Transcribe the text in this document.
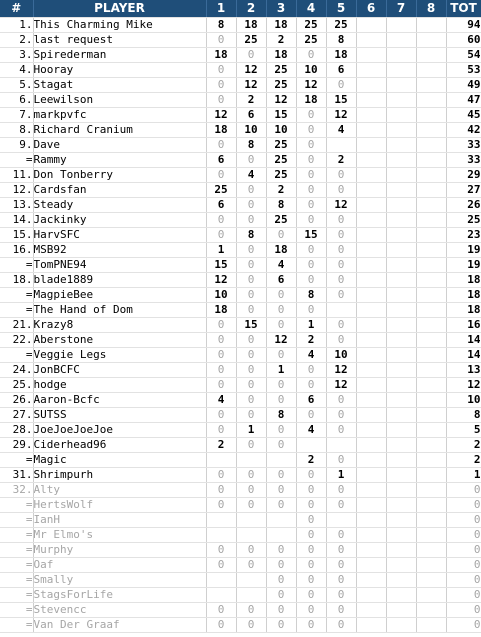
#	PLAYER	1	2	3	4	5	6	7	8	TOT
1.	This Charming Mike	8	18	18	25	25				94
2.	last request	0	25	2	25	8				60
3.	Spirederman	18	0	18	0	18				54
4.	Hooray	0	12	25	10	6				53
5.	Stagat	0	12	25	12	0				49
6.	Leewilson	0	2	12	18	15				47
7.	markpvfc	12	6	15	0	12				45
8.	Richard Cranium	18	10	10	0	4				42
9.	Dave	0	8	25	0					33
=	Rammy	6	0	25	0	2				33
11.	Don Tonberry	0	4	25	0	0				29
12.	Cardsfan	25	0	2	0	0				27
13.	Steady	6	0	8	0	12				26
14.	Jackinky	0	0	25	0	0				25
15.	HarvSFC	0	8	0	15	0				23
16.	MSB92	1	0	18	0	0				19
=	TomPNE94	15	0	4	0	0				19
18.	blade1889	12	0	6	0	0				18
=	MagpieBee	10	0	0	8	0				18
=	The Hand of Dom	18	0	0	0					18
21.	Krazy8	0	15	0	1	0				16
22.	Aberstone	0	0	12	2	0				14
=	Veggie Legs	0	0	0	4	10				14
24.	JonBCFC	0	0	1	0	12				13
25.	hodge	0	0	0	0	12				12
26.	Aaron-Bcfc	4	0	0	6	0				10
27.	SUTSS	0	0	8	0	0				8
28.	JoeJoeJoeJoe	0	1	0	4	0				5
29.	Ciderhead96	2	0	0						2
=	Magic				2	0				2
31.	Shrimpurh	0	0	0	0	1				1
32.	Alty	0	0	0	0	0				0
=	HertsWolf	0	0	0	0	0				0
=	IanH				0					0
=	Mr Elmo's				0	0				0
=	Murphy	0	0	0	0	0				0
=	Oaf	0	0	0	0	0				0
=	Smally			0	0	0				0
=	StagsForLife			0	0	0				0
=	Stevencc	0	0	0	0	0				0
=	Van Der Graaf	0	0	0	0	0				0
